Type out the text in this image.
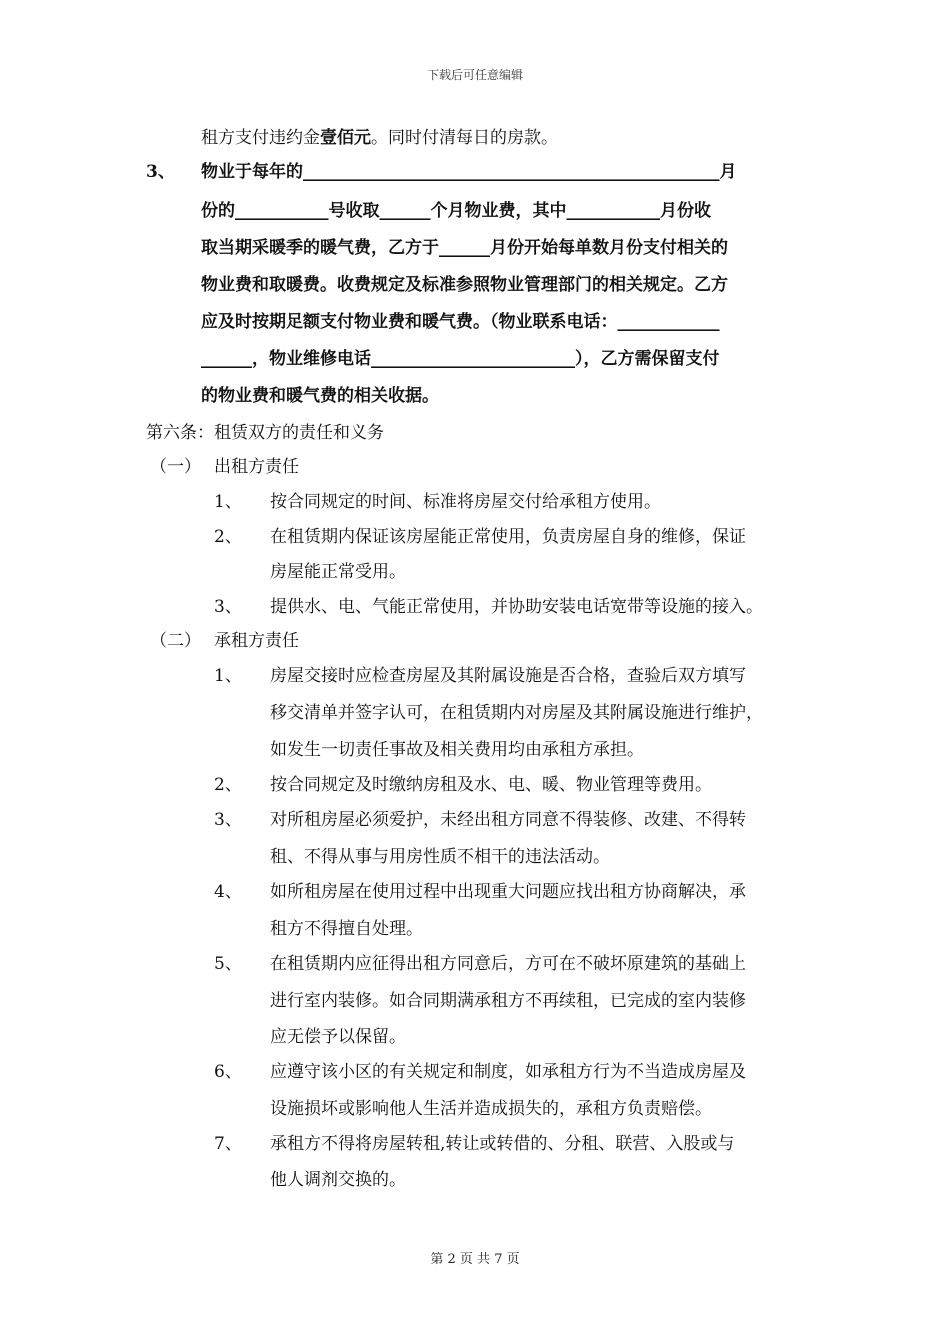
下载后可任意编辑
租方支付违约金壹佰元。同时付清每日的房款。
3、 物业于每年的_________________________________________________月
份的___________号收取______个月物业费，其中___________月份收
取当期采暖季的暖气费，乙方于______月份开始每单数月份支付相关的
物业费和取暖费。收费规定及标准参照物业管理部门的相关规定。乙方
应及时按期足额支付物业费和暖气费。（物业联系电话：____________
______，物业维修电话________________________），乙方需保留支付
的物业费和暖气费的相关收据。
第六条：租赁双方的责任和义务
（一） 出租方责任
1、 按合同规定的时间、标准将房屋交付给承租方使用。
2、 在租赁期内保证该房屋能正常使用，负责房屋自身的维修，保证
房屋能正常受用。
3、 提供水、电、气能正常使用，并协助安装电话宽带等设施的接入。
（二） 承租方责任
1、 房屋交接时应检查房屋及其附属设施是否合格，查验后双方填写
移交清单并签字认可，在租赁期内对房屋及其附属设施进行维护，
如发生一切责任事故及相关费用均由承租方承担。
2、 按合同规定及时缴纳房租及水、电、暖、物业管理等费用。
3、 对所租房屋必须爱护，未经出租方同意不得装修、改建、不得转
租、不得从事与用房性质不相干的违法活动。
4、 如所租房屋在使用过程中出现重大问题应找出租方协商解决，承
租方不得擅自处理。
5、 在租赁期内应征得出租方同意后，方可在不破坏原建筑的基础上
进行室内装修。如合同期满承租方不再续租，已完成的室内装修
应无偿予以保留。
6、 应遵守该小区的有关规定和制度，如承租方行为不当造成房屋及
设施损坏或影响他人生活并造成损失的，承租方负责赔偿。
7、 承租方不得将房屋转租,转让或转借的、分租、联营、入股或与
他人调剂交换的。
第 2 页 共 7 页
